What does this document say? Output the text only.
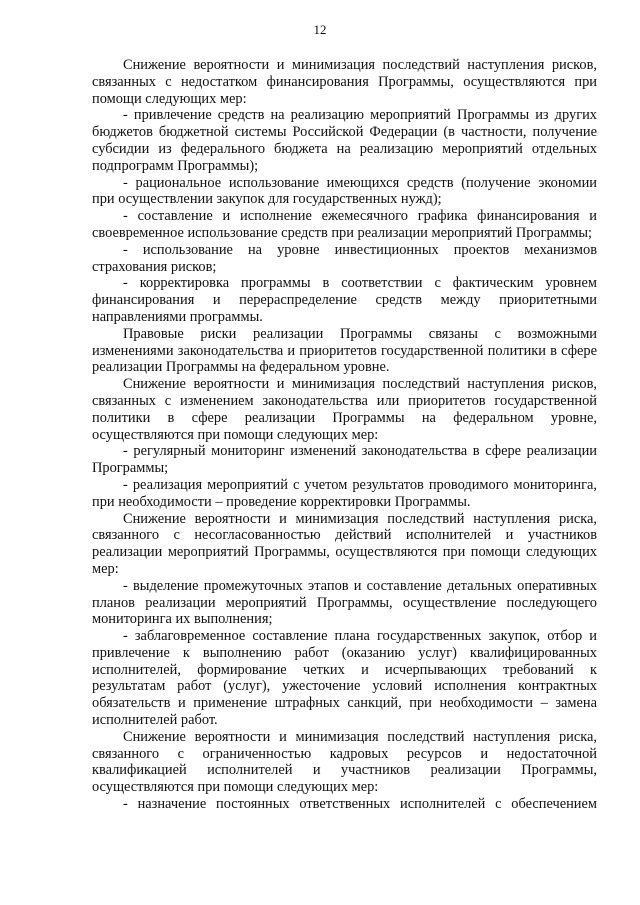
12

Снижение вероятности и минимизация последствий наступления рисков, связанных с недостатком финансирования Программы, осуществляются при помощи следующих мер:

- привлечение средств на реализацию мероприятий Программы из других бюджетов бюджетной системы Российской Федерации (в частности, получение субсидии из федерального бюджета на реализацию мероприятий отдельных подпрограмм Программы);

- рациональное использование имеющихся средств (получение экономии при осуществлении закупок для государственных нужд);

- составление и исполнение ежемесячного графика финансирования и своевременное использование средств при реализации мероприятий Программы;

- использование на уровне инвестиционных проектов механизмов страхования рисков;

- корректировка программы в соответствии с фактическим уровнем финансирования и перераспределение средств между приоритетными направлениями программы.

Правовые риски реализации Программы связаны с возможными изменениями законодательства и приоритетов государственной политики в сфере реализации Программы на федеральном уровне.

Снижение вероятности и минимизация последствий наступления рисков, связанных с изменением законодательства или приоритетов государственной политики в сфере реализации Программы на федеральном уровне, осуществляются при помощи следующих мер:

- регулярный мониторинг изменений законодательства в сфере реализации Программы;

- реализация мероприятий с учетом результатов проводимого мониторинга, при необходимости – проведение корректировки Программы.

Снижение вероятности и минимизация последствий наступления риска, связанного с несогласованностью действий исполнителей и участников реализации мероприятий Программы, осуществляются при помощи следующих мер:

- выделение промежуточных этапов и составление детальных оперативных планов реализации мероприятий Программы, осуществление последующего мониторинга их выполнения;

- заблаговременное составление плана государственных закупок, отбор и привлечение к выполнению работ (оказанию услуг) квалифицированных исполнителей, формирование четких и исчерпывающих требований к результатам работ (услуг), ужесточение условий исполнения контрактных обязательств и применение штрафных санкций, при необходимости – замена исполнителей работ.

Снижение вероятности и минимизация последствий наступления риска, связанного с ограниченностью кадровых ресурсов и недостаточной квалификацией исполнителей и участников реализации Программы, осуществляются при помощи следующих мер:

- назначение постоянных ответственных исполнителей с обеспечением
